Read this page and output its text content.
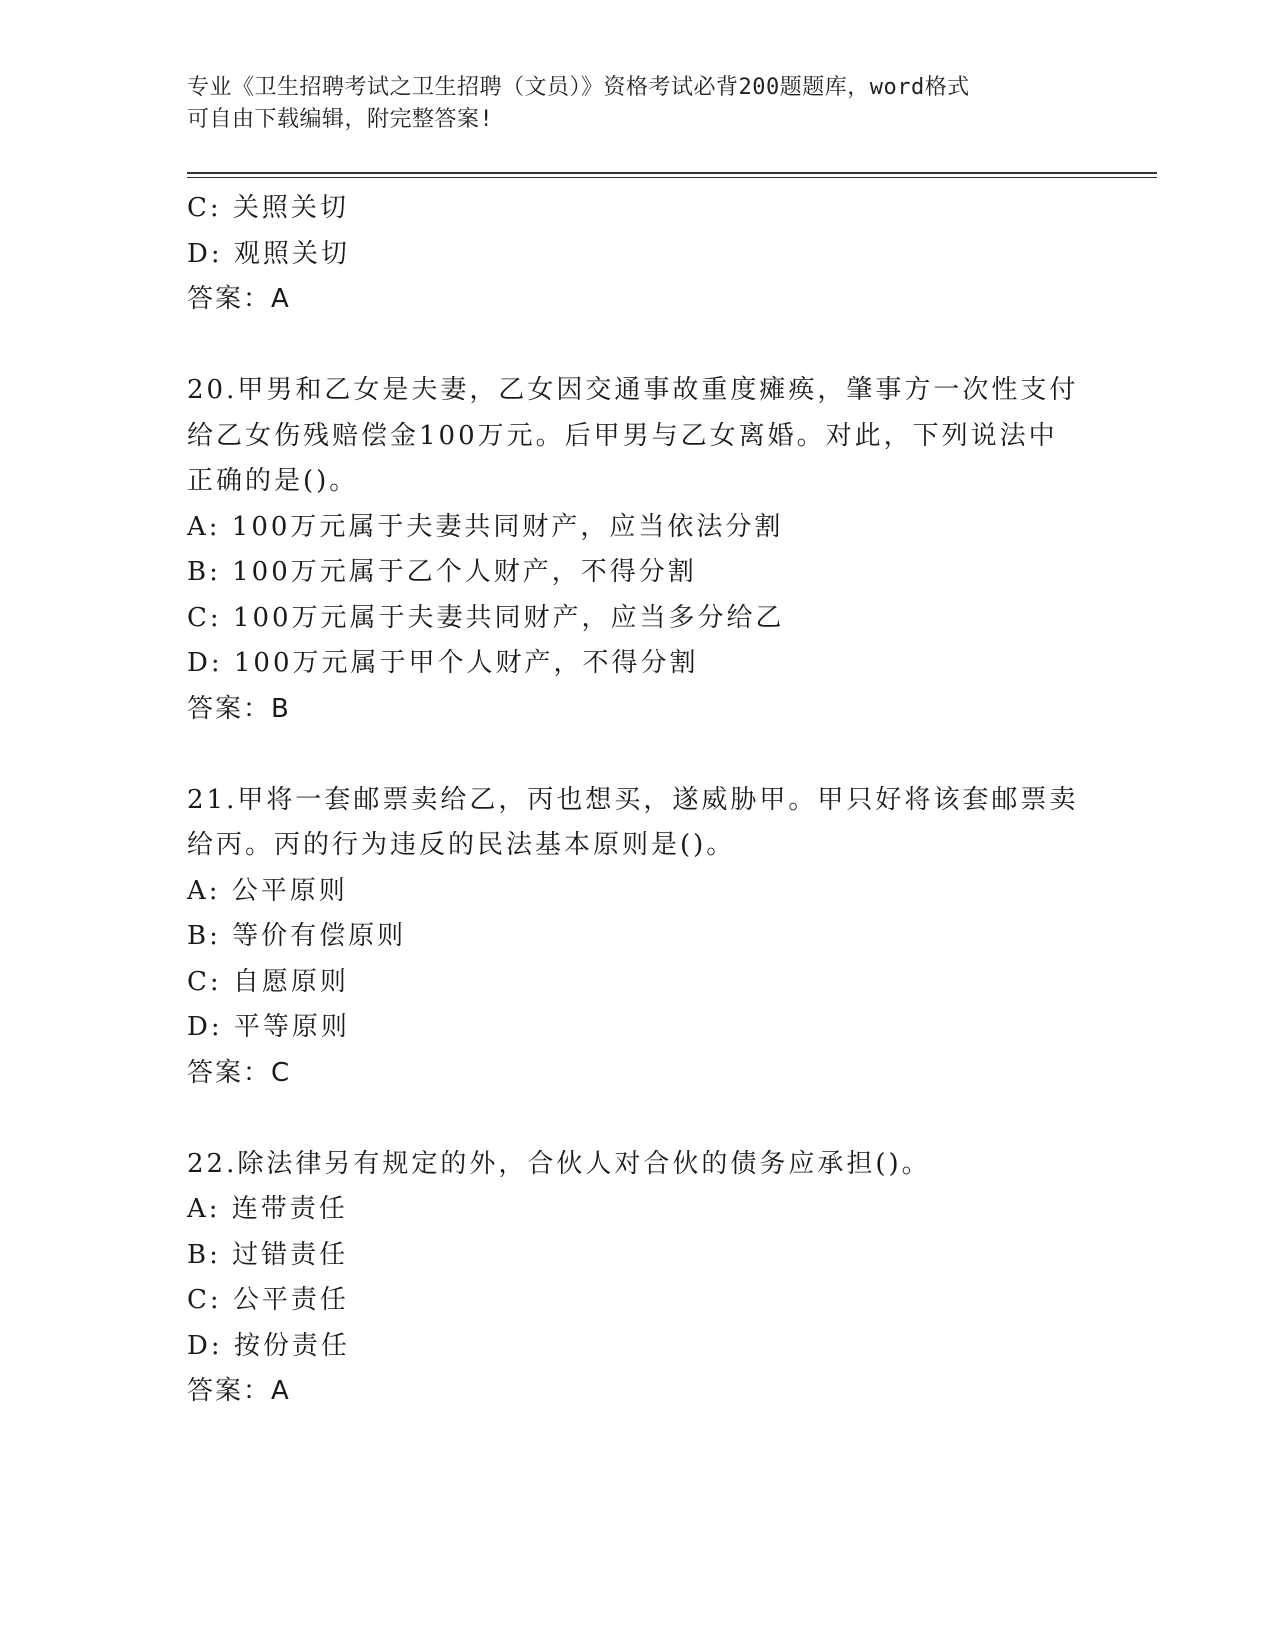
专业《卫生招聘考试之卫生招聘（文员）》资格考试必背200题题库，word格式
可自由下载编辑，附完整答案!
C: 关照关切
D: 观照关切
答案：A
20.甲男和乙女是夫妻，乙女因交通事故重度瘫痪，肇事方一次性支付
给乙女伤残赔偿金100万元。后甲男与乙女离婚。对此，下列说法中
正确的是()。
A: 100万元属于夫妻共同财产，应当依法分割
B: 100万元属于乙个人财产，不得分割
C: 100万元属于夫妻共同财产，应当多分给乙
D: 100万元属于甲个人财产，不得分割
答案：B
21.甲将一套邮票卖给乙，丙也想买，遂威胁甲。甲只好将该套邮票卖
给丙。丙的行为违反的民法基本原则是()。
A: 公平原则
B: 等价有偿原则
C: 自愿原则
D: 平等原则
答案：C
22.除法律另有规定的外，合伙人对合伙的债务应承担()。
A: 连带责任
B: 过错责任
C: 公平责任
D: 按份责任
答案：A
